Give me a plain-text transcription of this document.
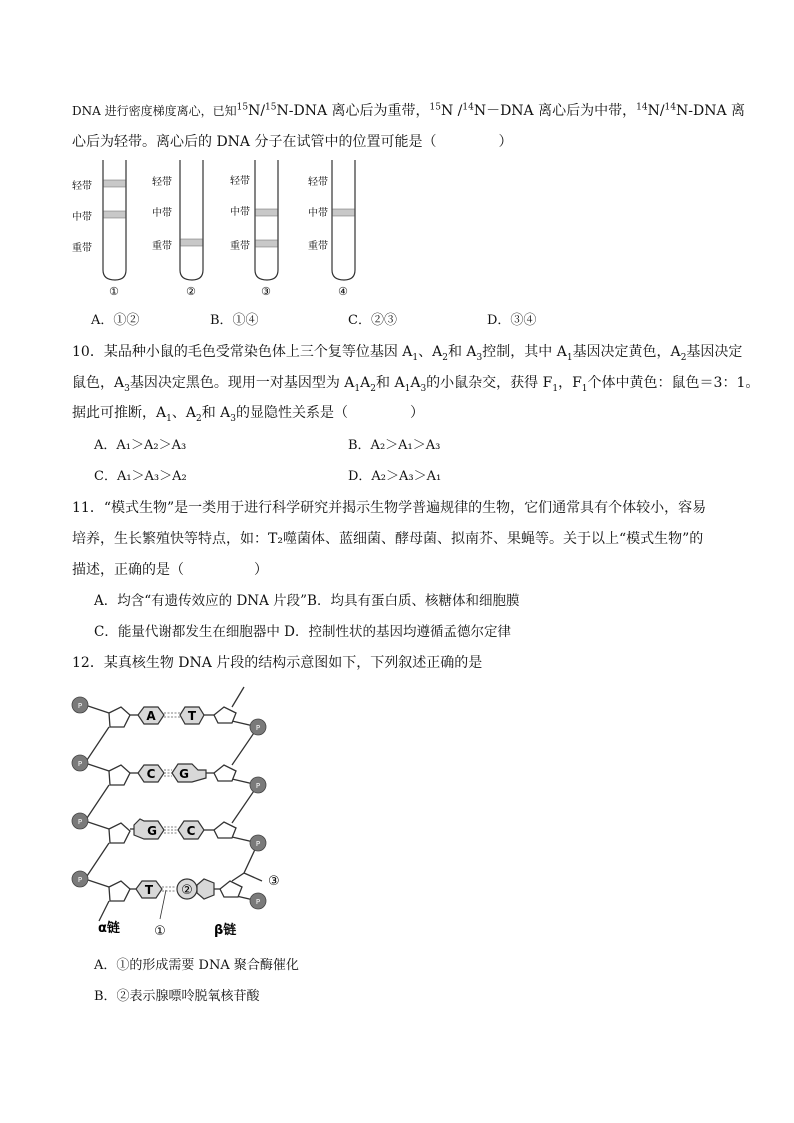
DNA 进行密度梯度离心，已知$^{15}$N/$^{15}$N-DNA 离心后为重带，$^{15}$N /$^{14}$N－DNA 离心后为中带，$^{14}$N/$^{14}$N-DNA 离
心后为轻带。离心后的 DNA 分子在试管中的位置可能是（	）
轻带
中带
重带
①
轻带
中带
重带
②
轻带
中带
重带
③
轻带
中带
重带
④
A．①②	B．①④	C．②③	D．③④
10．某品种小鼠的毛色受常染色体上三个复等位基因 $A_1$、$A_2$和 $A_3$控制，其中 $A_1$基因决定黄色，$A_2$基因决定
鼠色，$A_3$基因决定黑色。现用一对基因型为 $A_1A_2$和 $A_1A_3$的小鼠杂交，获得 $F_1$，$F_1$个体中黄色：鼠色＝3：1。
据此可推断，$A_1$、$A_2$和 $A_3$的显隐性关系是（	）
A．A₁＞A₂＞A₃	B．A₂＞A₁＞A₃
C．A₁＞A₃＞A₂	D．A₂＞A₃＞A₁
11．“模式生物”是一类用于进行科学研究并揭示生物学普遍规律的生物，它们通常具有个体较小，容易
培养，生长繁殖快等特点，如：T₂噬菌体、蓝细菌、酵母菌、拟南芥、果蝇等。关于以上“模式生物”的
描述，正确的是（	）
A．均含“有遗传效应的 DNA 片段”B．均具有蛋白质、核糖体和细胞膜
C．能量代谢都发生在细胞器中 D．控制性状的基因均遵循孟德尔定律
12．某真核生物 DNA 片段的结构示意图如下，下列叙述正确的是
A	T
C G
G C
T ②
P
P
P
P
P
P
P
P
①
③
α链	β链
A．①的形成需要 DNA 聚合酶催化
B．②表示腺嘌呤脱氧核苷酸
